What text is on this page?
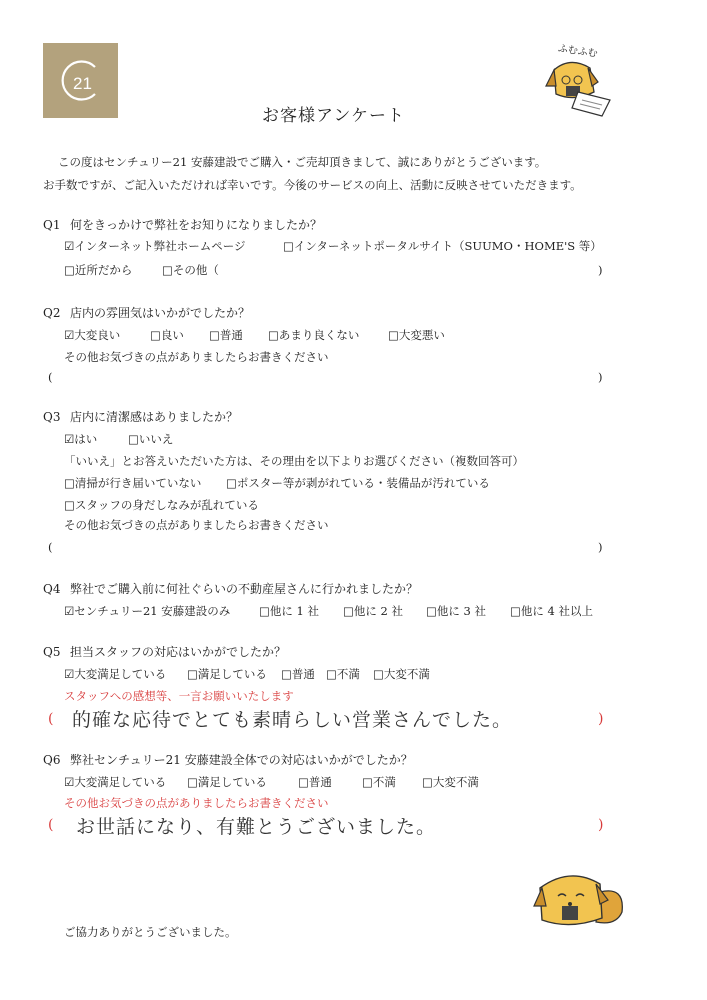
21
ふむふむ
お客様アンケート
この度はセンチュリー21 安藤建設でご購入・ご売却頂きまして、誠にありがとうございます。
お手数ですが、ご記入いただければ幸いです。今後のサービスの向上、活動に反映させていただきます。
Q1 何をきっかけで弊社をお知りになりましたか？
☑インターネット弊社ホームページ	□インターネットポータルサイト（SUUMO・HOME'S 等）
□近所だから	□その他（	)
Q2 店内の雰囲気はいかがでしたか？
☑大変良い	□良い □普通 □あまり良くない □大変悪い
その他お気づきの点がありましたらお書きください
(	)
Q3 店内に清潔感はありましたか？
☑はい	□いいえ
「いいえ」とお答えいただいた方は、その理由を以下よりお選びください（複数回答可）
□清掃が行き届いていない □ポスター等が剥がれている・装備品が汚れている
□スタッフの身だしなみが乱れている
その他お気づきの点がありましたらお書きください
(	)
Q4 弊社でご購入前に何社ぐらいの不動産屋さんに行かれましたか？
☑センチュリー21 安藤建設のみ □他に 1 社 □他に 2 社 □他に 3 社 □他に 4 社以上
Q5 担当スタッフの対応はいかがでしたか？
☑大変満足している □満足している □普通 □不満 □大変不満
スタッフへの感想等、一言お願いいたします
( 的確な応待でとても素晴らしい営業さんでした。	)
Q6 弊社センチュリー21 安藤建設全体での対応はいかがでしたか？
☑大変満足している □満足している	□普通	□不満 □大変不満
その他お気づきの点がありましたらお書きください
( お世話になり、有難とうございました。	)
ご協力ありがとうございました。
